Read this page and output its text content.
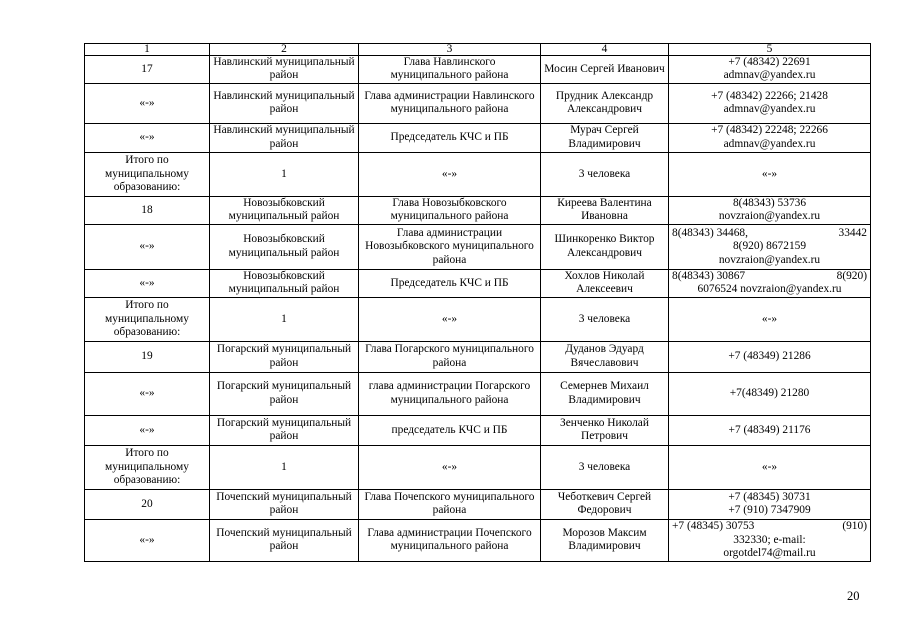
1	2	3	4	5
17	Навлинский муниципальный район	Глава Навлинского муниципального района	Мосин Сергей Иванович	+7 (48342) 22691
admnav@yandex.ru

«-»	Навлинский муниципальный район	Глава администрации Навлинского муниципального района	Прудник Александр Александрович	+7 (48342) 22266; 21428
admnav@yandex.ru

«-»	Навлинский муниципальный район	Председатель КЧС и ПБ	Мурач Сергей Владимирович	+7 (48342) 22248; 22266
admnav@yandex.ru

Итого по муниципальному образованию:	1	«-»	3 человека	«-»

18	Новозыбковский муниципальный район	Глава Новозыбковского муниципального района	Киреева Валентина Ивановна	8(48343) 53736
novzraion@yandex.ru

«-»	Новозыбковский муниципальный район	Глава администрации Новозыбковского муниципального района	Шинкоренко Виктор Александрович	8(48343) 34468, 33442
8(920) 8672159
novzraion@yandex.ru

«-»	Новозыбковский муниципальный район	Председатель КЧС и ПБ	Хохлов Николай Алексеевич	8(48343) 30867 8(920)
6076524 novzraion@yandex.ru

Итого по муниципальному образованию:	1	«-»	3 человека	«-»

19	Погарский муниципальный район	Глава Погарского муниципального района	Дуданов Эдуард Вячеславович	+7 (48349) 21286

«-»	Погарский муниципальный район	глава администрации Погарского муниципального района	Семернев Михаил Владимирович	+7(48349) 21280

«-»	Погарский муниципальный район	председатель КЧС и ПБ	Зенченко Николай Петрович	+7 (48349) 21176

Итого по муниципальному образованию:	1	«-»	3 человека	«-»

20	Почепский муниципальный район	Глава Почепского муниципального района	Чеботкевич Сергей Федорович	+7 (48345) 30731
+7 (910) 7347909

«-»	Почепский муниципальный район	Глава администрации Почепского муниципального района	Морозов Максим Владимирович	+7 (48345) 30753 (910)
332330; e-mail:
orgotdel74@mail.ru
20
